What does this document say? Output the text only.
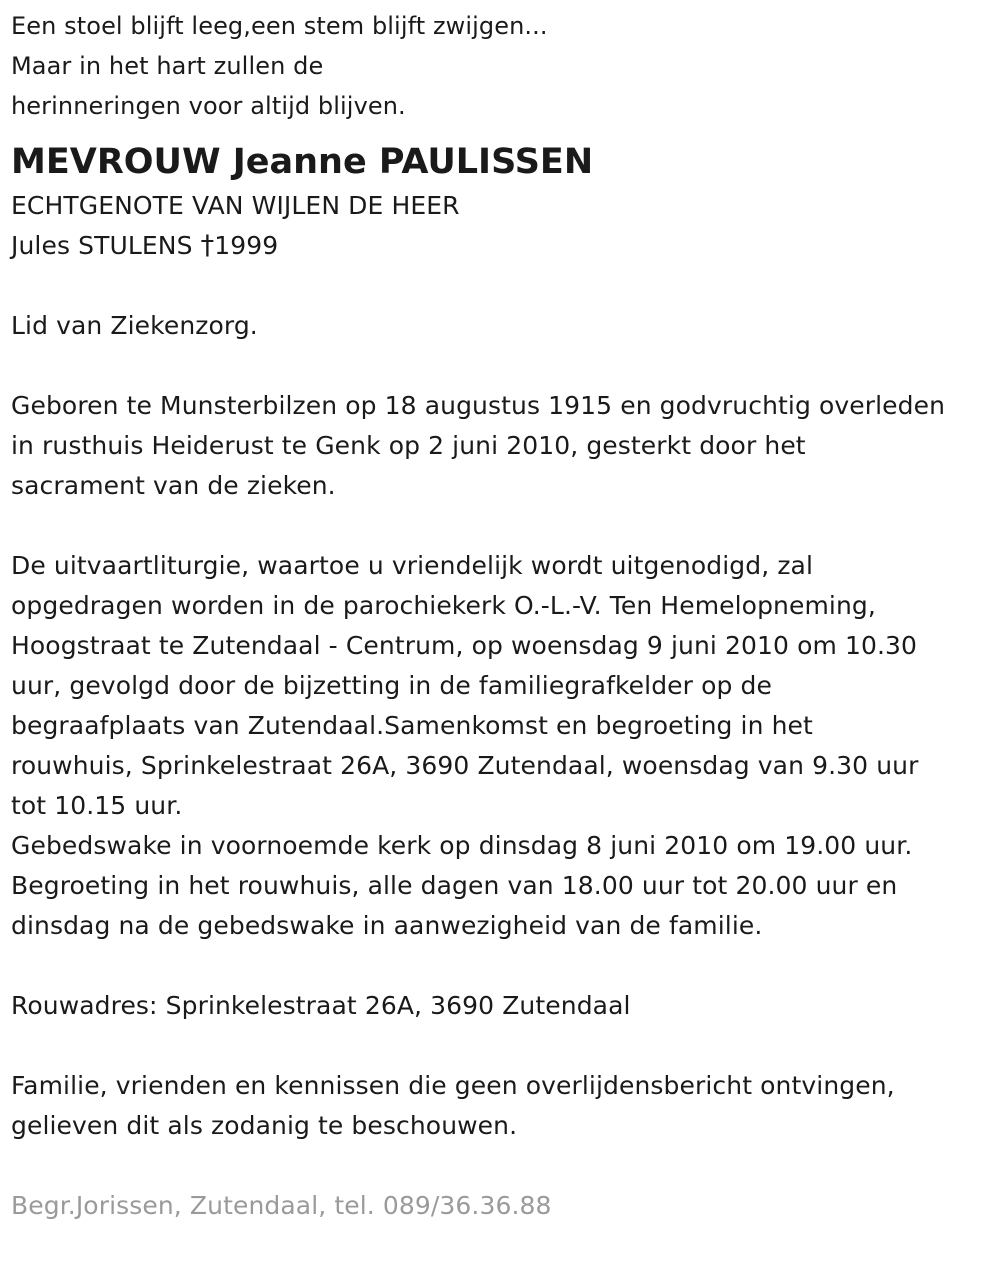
Een stoel blijft leeg,een stem blijft zwijgen...
Maar in het hart zullen de
herinneringen voor altijd blijven.
MEVROUW Jeanne PAULISSEN
ECHTGENOTE VAN WIJLEN DE HEER
Jules STULENS †1999
Lid van Ziekenzorg.
Geboren te Munsterbilzen op 18 augustus 1915 en godvruchtig overleden
in rusthuis Heiderust te Genk op 2 juni 2010, gesterkt door het
sacrament van de zieken.
De uitvaartliturgie, waartoe u vriendelijk wordt uitgenodigd, zal
opgedragen worden in de parochiekerk O.-L.-V. Ten Hemelopneming,
Hoogstraat te Zutendaal - Centrum, op woensdag 9 juni 2010 om 10.30
uur, gevolgd door de bijzetting in de familiegrafkelder op de
begraafplaats van Zutendaal.Samenkomst en begroeting in het
rouwhuis, Sprinkelestraat 26A, 3690 Zutendaal, woensdag van 9.30 uur
tot 10.15 uur.
Gebedswake in voornoemde kerk op dinsdag 8 juni 2010 om 19.00 uur.
Begroeting in het rouwhuis, alle dagen van 18.00 uur tot 20.00 uur en
dinsdag na de gebedswake in aanwezigheid van de familie.
Rouwadres: Sprinkelestraat 26A, 3690 Zutendaal
Familie, vrienden en kennissen die geen overlijdensbericht ontvingen,
gelieven dit als zodanig te beschouwen.
Begr.Jorissen, Zutendaal, tel. 089/36.36.88
